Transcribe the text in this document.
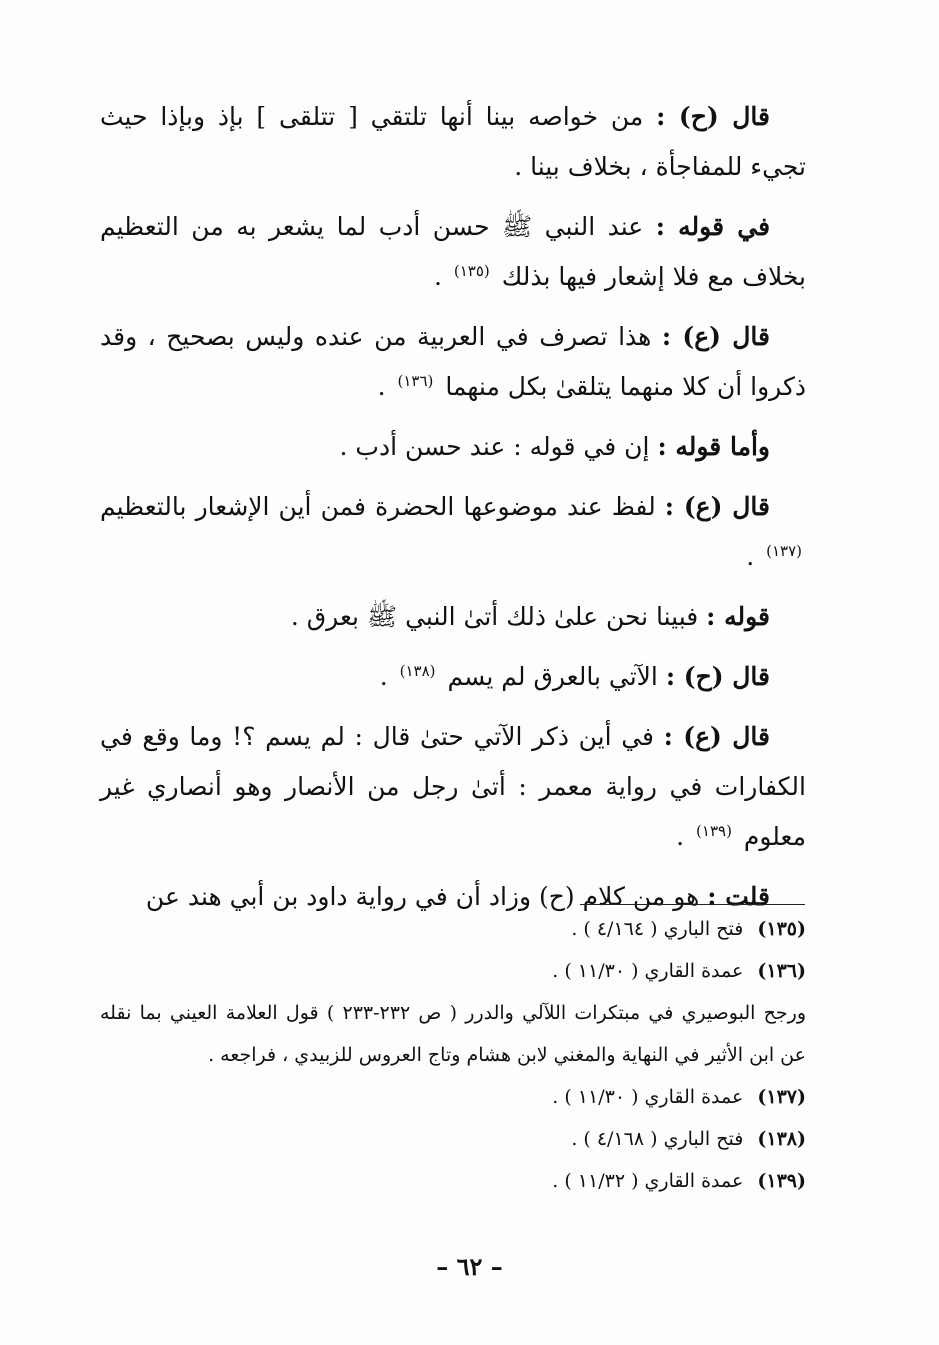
قال (ح) : من خواصه بينا أنها تلتقي [ تتلقى ] بإذ وبإذا حيث تجيء للمفاجأة ، بخلاف بينا .

في قوله : عند النبي ﷺ حسن أدب لما يشعر به من التعظيم بخلاف مع فلا إشعار فيها بذلك $^{(١٣٥)}$ .

قال (ع) : هذا تصرف في العربية من عنده وليس بصحيح ، وقد ذكروا أن كلا منهما يتلقىٰ بكل منهما $^{(١٣٦)}$ .

وأما قوله : إن في قوله : عند حسن أدب .

قال (ع) : لفظ عند موضوعها الحضرة فمن أين الإشعار بالتعظيم $^{(١٣٧)}$ .

قوله : فبينا نحن علىٰ ذلك أتىٰ النبي ﷺ بعرق .

قال (ح) : الآتي بالعرق لم يسم $^{(١٣٨)}$ .

قال (ع) : في أين ذكر الآتي حتىٰ قال : لم يسم ؟! وما وقع في الكفارات في رواية معمر : أتىٰ رجل من الأنصار وهو أنصاري غير معلوم $^{(١٣٩)}$ .

قلت : هو من كلام (ح) وزاد أن في رواية داود بن أبي هند عن

(١٣٥) فتح الباري ( ٤/١٦٤ ) .

(١٣٦) عمدة القاري ( ١١/٣٠ ) .

ورجح البوصيري في مبتكرات اللآلي والدرر ( ص ٢٣٢-٢٣٣ ) قول العلامة العيني بما نقله عن ابن الأثير في النهاية والمغني لابن هشام وتاج العروس للزبيدي ، فراجعه .

(١٣٧) عمدة القاري ( ١١/٣٠ ) .

(١٣٨) فتح الباري ( ٤/١٦٨ ) .

(١٣٩) عمدة القاري ( ١١/٣٢ ) .

– ٦٢ –
